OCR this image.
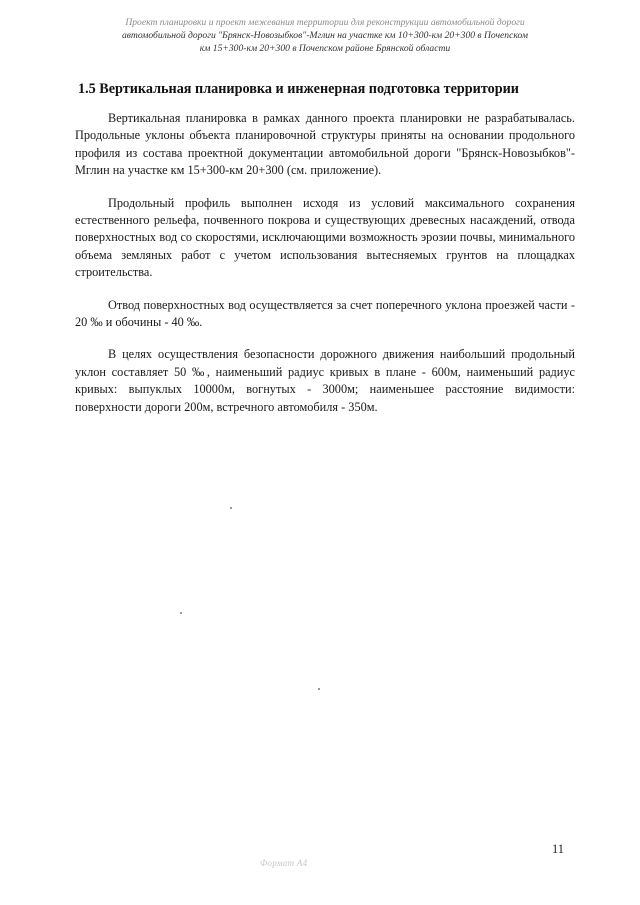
Проект планировки и проект межевания территории для реконструкции автомобильной дороги
автомобильной дороги "Брянск-Новозыбков"-Мглин на участке км 10+300-км 20+300 в Почепском
км 15+300-км 20+300 в Почепском районе Брянской области
1.5 Вертикальная планировка и инженерная подготовка территории

Вертикальная планировка в рамках данного проекта планировки не разрабатывалась. Продольные уклоны объекта планировочной структуры приняты на основании продольного профиля из состава проектной документации автомобильной дороги "Брянск-Новозыбков"-Мглин на участке км 15+300-км 20+300 (см. приложение).

Продольный профиль выполнен исходя из условий максимального сохранения естественного рельефа, почвенного покрова и существующих древесных насаждений, отвода поверхностных вод со скоростями, исключающими возможность эрозии почвы, минимального объема земляных работ с учетом использования вытесняемых грунтов на площадках строительства.

Отвод поверхностных вод осуществляется за счет поперечного уклона проезжей части - 20 ‰ и обочины - 40 ‰.

В целях осуществления безопасности дорожного движения наибольший продольный уклон составляет 50 ‰, наименьший радиус кривых в плане - 600м, наименьший радиус кривых: выпуклых 10000м, вогнутых - 3000м; наименьшее расстояние видимости: поверхности дороги 200м, встречного автомобиля - 350м.

11
Формат А4
